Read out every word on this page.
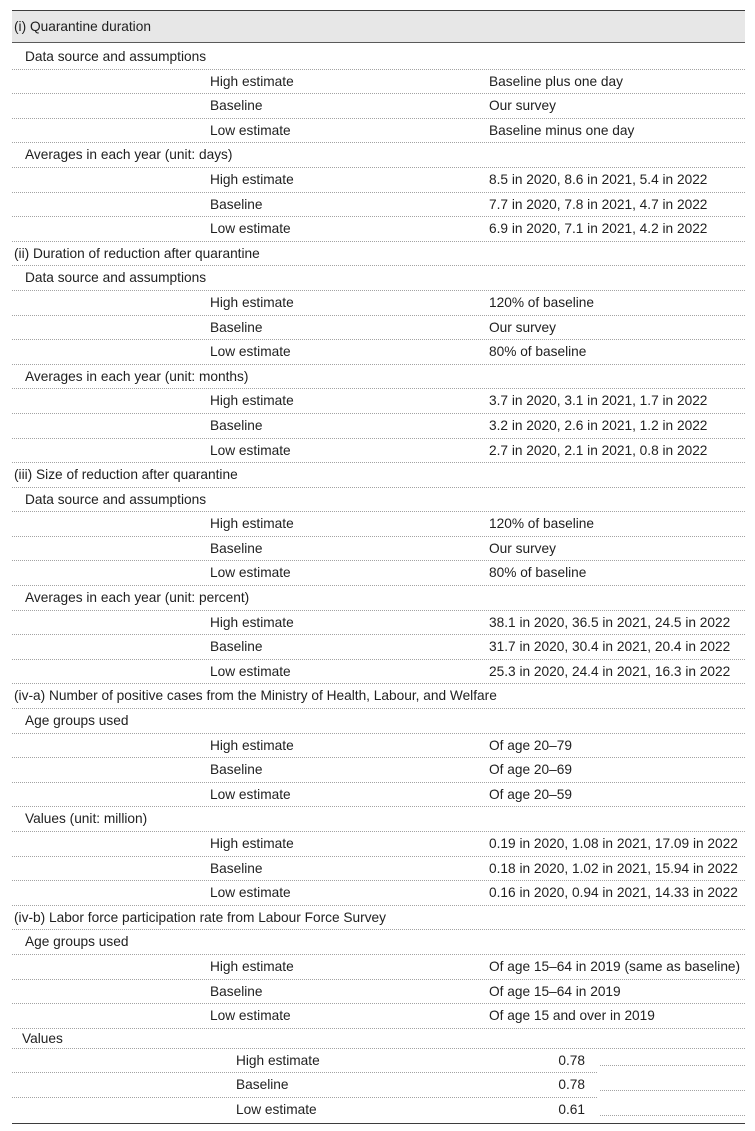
(i) Quarantine duration
Data source and assumptions
High estimate	Baseline plus one day
Baseline	Our survey
Low estimate	Baseline minus one day
Averages in each year (unit: days)
High estimate	8.5 in 2020, 8.6 in 2021, 5.4 in 2022
Baseline	7.7 in 2020, 7.8 in 2021, 4.7 in 2022
Low estimate	6.9 in 2020, 7.1 in 2021, 4.2 in 2022
(ii) Duration of reduction after quarantine
Data source and assumptions
High estimate	120% of baseline
Baseline	Our survey
Low estimate	80% of baseline
Averages in each year (unit: months)
High estimate	3.7 in 2020, 3.1 in 2021, 1.7 in 2022
Baseline	3.2 in 2020, 2.6 in 2021, 1.2 in 2022
Low estimate	2.7 in 2020, 2.1 in 2021, 0.8 in 2022
(iii) Size of reduction after quarantine
Data source and assumptions
High estimate	120% of baseline
Baseline	Our survey
Low estimate	80% of baseline
Averages in each year (unit: percent)
High estimate	38.1 in 2020, 36.5 in 2021, 24.5 in 2022
Baseline	31.7 in 2020, 30.4 in 2021, 20.4 in 2022
Low estimate	25.3 in 2020, 24.4 in 2021, 16.3 in 2022
(iv-a) Number of positive cases from the Ministry of Health, Labour, and Welfare
Age groups used
High estimate	Of age 20–79
Baseline	Of age 20–69
Low estimate	Of age 20–59
Values (unit: million)
High estimate	0.19 in 2020, 1.08 in 2021, 17.09 in 2022
Baseline	0.18 in 2020, 1.02 in 2021, 15.94 in 2022
Low estimate	0.16 in 2020, 0.94 in 2021, 14.33 in 2022
(iv-b) Labor force participation rate from Labour Force Survey
Age groups used
High estimate	Of age 15–64 in 2019 (same as baseline)
Baseline	Of age 15–64 in 2019
Low estimate	Of age 15 and over in 2019
Values
High estimate	0.78
Baseline	0.78
Low estimate	0.61
